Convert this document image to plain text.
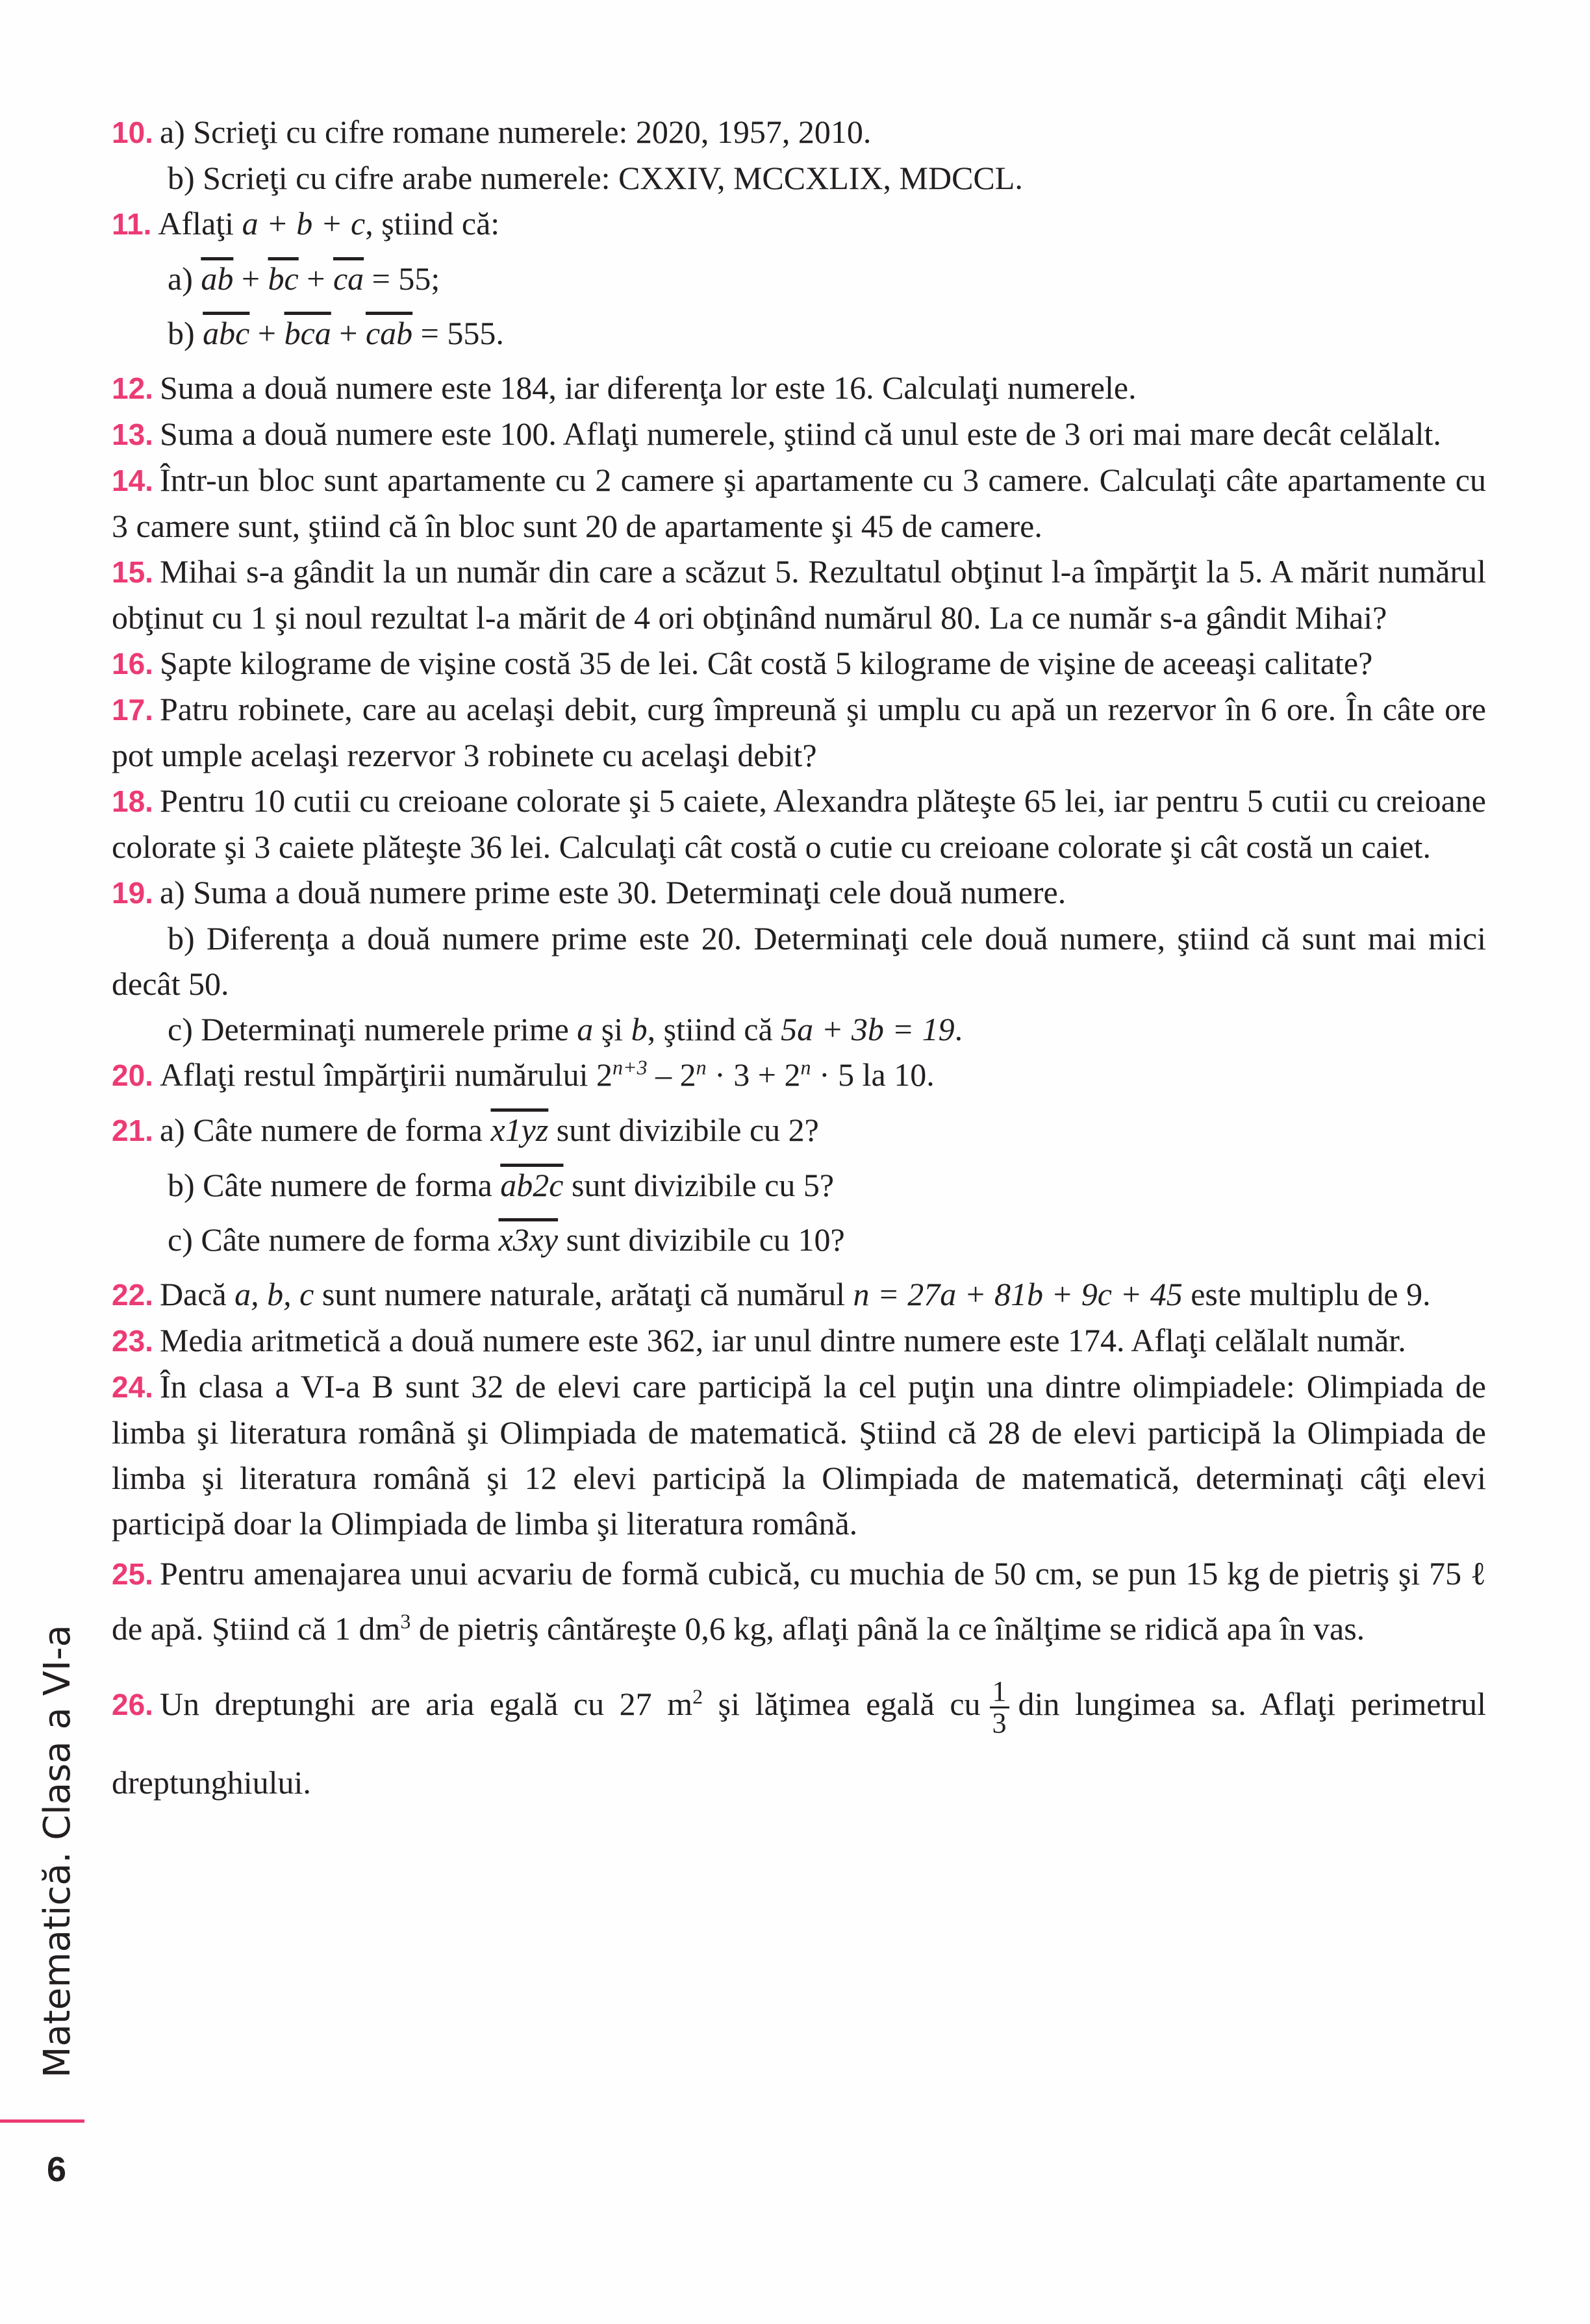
10. a) Scrieţi cu cifre romane numerele: 2020, 1957, 2010.

b) Scrieţi cu cifre arabe numerele: CXXIV, MCCXLIX, MDCCL.

11. Aflaţi a + b + c, ştiind că:

a) $\overline{ab} + \overline{bc} + \overline{ca} = 55$;

b) $\overline{abc} + \overline{bca} + \overline{cab} = 555$.

12. Suma a două numere este 184, iar diferenţa lor este 16. Calculaţi numerele.

13. Suma a două numere este 100. Aflaţi numerele, ştiind că unul este de 3 ori mai mare decât celălalt.

14. Într-un bloc sunt apartamente cu 2 camere şi apartamente cu 3 camere. Calculaţi câte apartamente cu 3 camere sunt, ştiind că în bloc sunt 20 de apartamente şi 45 de camere.

15. Mihai s-a gândit la un număr din care a scăzut 5. Rezultatul obţinut l-a împărţit la 5. A mărit numărul obţinut cu 1 şi noul rezultat l-a mărit de 4 ori obţinând numărul 80. La ce număr s-a gândit Mihai?

16. Şapte kilograme de vişine costă 35 de lei. Cât costă 5 kilograme de vişine de aceeaşi calitate?

17. Patru robinete, care au acelaşi debit, curg împreună şi umplu cu apă un rezervor în 6 ore. În câte ore pot umple acelaşi rezervor 3 robinete cu acelaşi debit?

18. Pentru 10 cutii cu creioane colorate şi 5 caiete, Alexandra plăteşte 65 lei, iar pentru 5 cutii cu creioane colorate şi 3 caiete plăteşte 36 lei. Calculaţi cât costă o cutie cu creioane colorate şi cât costă un caiet.

19. a) Suma a două numere prime este 30. Determinaţi cele două numere.

b) Diferenţa a două numere prime este 20. Determinaţi cele două numere, ştiind că sunt mai mici decât 50.

c) Determinaţi numerele prime a şi b, ştiind că 5a + 3b = 19.

20. Aflaţi restul împărţirii numărului $2^{n+3} - 2^n \cdot 3 + 2^n \cdot 5$ la 10.

21. a) Câte numere de forma x1yz sunt divizibile cu 2?

b) Câte numere de forma ab2c sunt divizibile cu 5?

c) Câte numere de forma x3xy sunt divizibile cu 10?

22. Dacă a, b, c sunt numere naturale, arătaţi că numărul n = 27a + 81b + 9c + 45 este multiplu de 9.

23. Media aritmetică a două numere este 362, iar unul dintre numere este 174. Aflaţi celălalt număr.

24. În clasa a VI-a B sunt 32 de elevi care participă la cel puţin una dintre olimpiadele: Olimpiada de limba şi literatura română şi Olimpiada de matematică. Ştiind că 28 de elevi participă la Olimpiada de limba şi literatura română şi 12 elevi participă la Olimpiada de matematică, determinaţi câţi elevi participă doar la Olimpiada de limba şi literatura română.

25. Pentru amenajarea unui acvariu de formă cubică, cu muchia de 50 cm, se pun 15 kg de pietriş şi 75 ℓ de apă. Ştiind că 1 $dm^3$ de pietriş cântăreşte 0,6 kg, aflaţi până la ce înălţime se ridică apa în vas.

26. Un dreptunghi are aria egală cu 27 $m^2$ şi lăţimea egală cu $\frac{1}{3}$ din lungimea sa. Aflaţi perimetrul dreptunghiului.

Matematică. Clasa a VI-a
6
